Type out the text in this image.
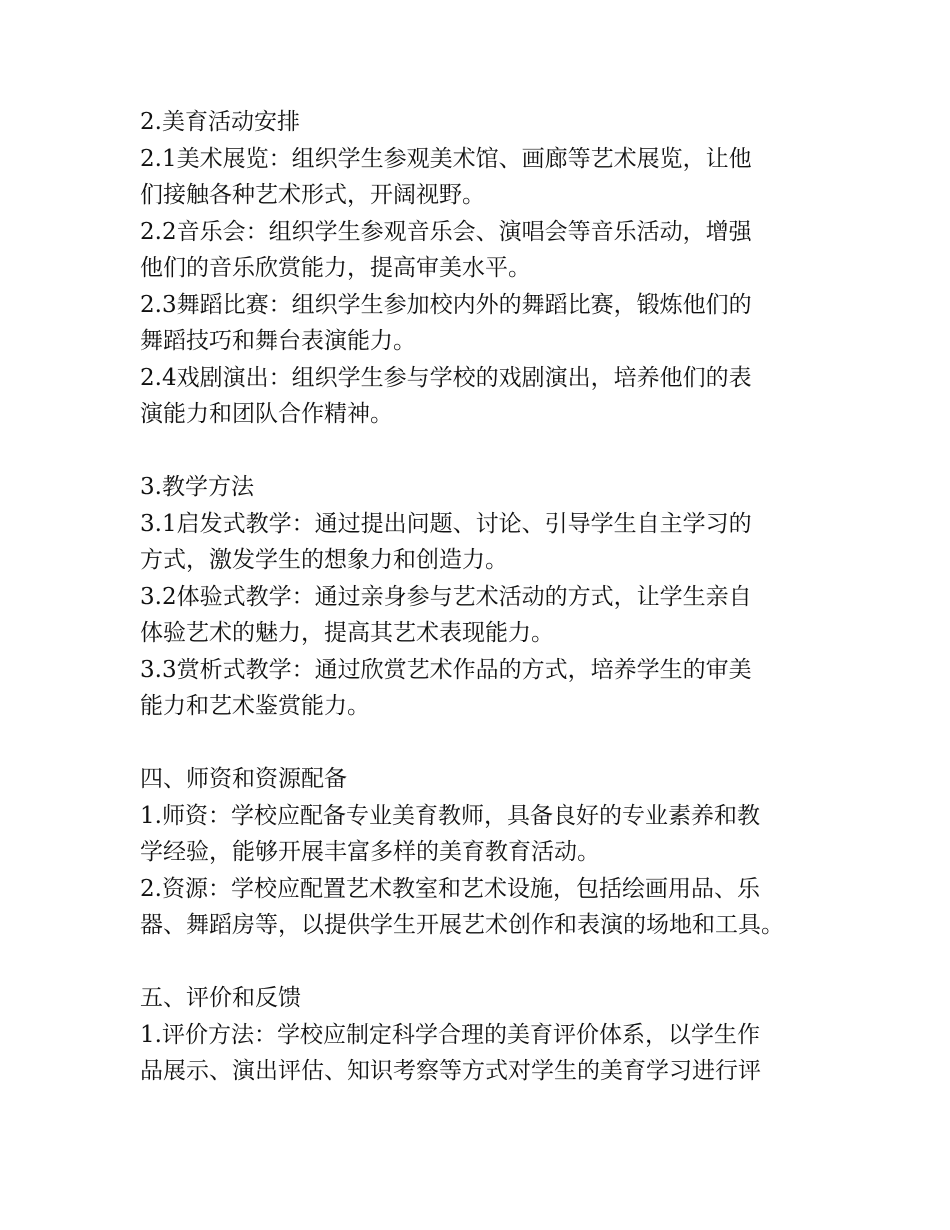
2.美育活动安排
2.1美术展览：组织学生参观美术馆、画廊等艺术展览，让他
们接触各种艺术形式，开阔视野。
2.2音乐会：组织学生参观音乐会、演唱会等音乐活动，增强
他们的音乐欣赏能力，提高审美水平。
2.3舞蹈比赛：组织学生参加校内外的舞蹈比赛，锻炼他们的
舞蹈技巧和舞台表演能力。
2.4戏剧演出：组织学生参与学校的戏剧演出，培养他们的表
演能力和团队合作精神。
3.教学方法
3.1启发式教学：通过提出问题、讨论、引导学生自主学习的
方式，激发学生的想象力和创造力。
3.2体验式教学：通过亲身参与艺术活动的方式，让学生亲自
体验艺术的魅力，提高其艺术表现能力。
3.3赏析式教学：通过欣赏艺术作品的方式，培养学生的审美
能力和艺术鉴赏能力。
四、师资和资源配备
1.师资：学校应配备专业美育教师，具备良好的专业素养和教
学经验，能够开展丰富多样的美育教育活动。
2.资源：学校应配置艺术教室和艺术设施，包括绘画用品、乐
器、舞蹈房等，以提供学生开展艺术创作和表演的场地和工具。
五、评价和反馈
1.评价方法：学校应制定科学合理的美育评价体系，以学生作
品展示、演出评估、知识考察等方式对学生的美育学习进行评
